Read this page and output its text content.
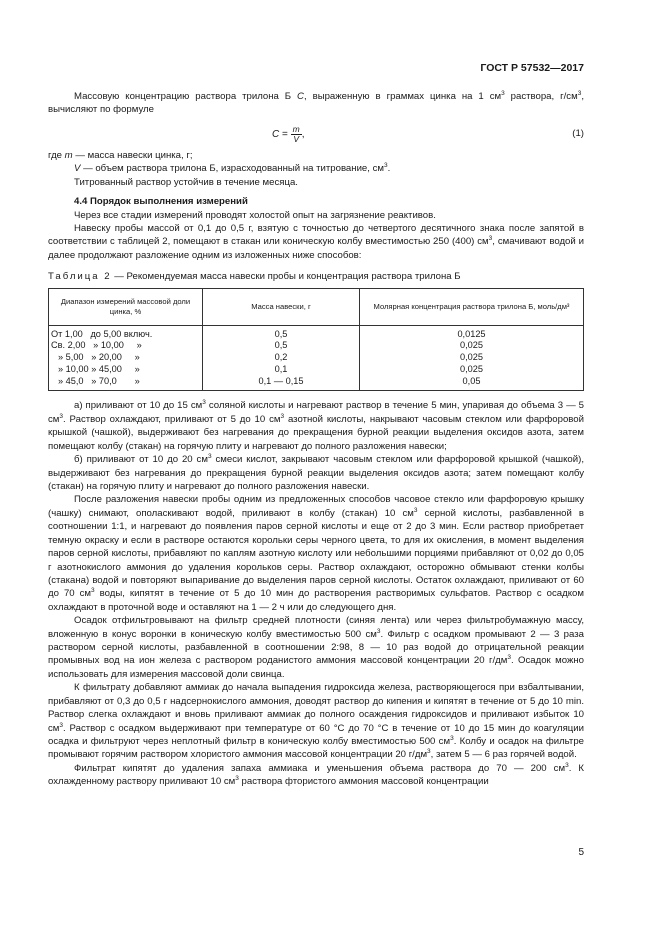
ГОСТ Р 57532—2017

Массовую концентрацию раствора трилона Б С, выраженную в граммах цинка на 1 $см^3$ раствора, $г/см^3$, вычисляют по формуле

$C = \frac{m}{V}$ ,	(1)

где m — масса навески цинка, г;

V — объем раствора трилона Б, израсходованный на титрование, $см^3$.

Титрованный раствор устойчив в течение месяца.

4.4 Порядок выполнения измерений

Через все стадии измерений проводят холостой опыт на загрязнение реактивов.

Навеску пробы массой от 0,1 до 0,5 г, взятую с точностью до четвертого десятичного знака после запятой в соответствии с таблицей 2, помещают в стакан или коническую колбу вместимостью 250 (400) $см^3$, смачивают водой и далее продолжают разложение одним из изложенных ниже способов:

Таблица 2 — Рекомендуемая масса навески пробы и концентрация раствора трилона Б

Диапазон измерений массовой доли цинка, %	Масса навески, г	Молярная концентрация раствора трилона Б, моль/дм³
От 1,00   до 5,00 включ.	0,5	0,0125
Св. 2,00   » 10,00     »	0,5	0,025
» 5,00   » 20,00     »	0,2	0,025
» 10,00 » 45,00     »	0,1	0,025
» 45,0   » 70,0       »	0,1 — 0,15	0,05

а) приливают от 10 до 15 $см^3$ соляной кислоты и нагревают раствор в течение 5 мин, упаривая до объема 3 — 5 $см^3$. Раствор охлаждают, приливают от 5 до 10 $см^3$ азотной кислоты, накрывают часовым стеклом или фарфоровой крышкой (чашкой), выдерживают без нагревания до прекращения бурной реакции выделения оксидов азота, затем помещают колбу (стакан) на горячую плиту и нагревают до полного разложения навески;

б) приливают от 10 до 20 $см^3$ смеси кислот, закрывают часовым стеклом или фарфоровой крышкой (чашкой), выдерживают без нагревания до прекращения бурной реакции выделения оксидов азота; затем помещают колбу (стакан) на горячую плиту и нагревают до полного разложения навески.

После разложения навески пробы одним из предложенных способов часовое стекло или фарфоровую крышку (чашку) снимают, ополаскивают водой, приливают в колбу (стакан) 10 $см^3$ серной кислоты, разбавленной в соотношении 1:1, и нагревают до появления паров серной кислоты и еще от 2 до 3 мин. Если раствор приобретает темную окраску и если в растворе остаются корольки серы черного цвета, то для их окисления, в момент выделения паров серной кислоты, прибавляют по каплям азотную кислоту или небольшими порциями прибавляют от 0,02 до 0,05 г азотнокислого аммония до удаления корольков серы. Раствор охлаждают, осторожно обмывают стенки колбы (стакана) водой и повторяют выпаривание до выделения паров серной кислоты. Остаток охлаждают, приливают от 60 до 70 $см^3$ воды, кипятят в течение от 5 до 10 мин до растворения растворимых сульфатов. Раствор с осадком охлаждают в проточной воде и оставляют на 1 — 2 ч или до следующего дня.

Осадок отфильтровывают на фильтр средней плотности (синяя лента) или через фильтробумажную массу, вложенную в конус воронки в коническую колбу вместимостью 500 $см^3$. Фильтр с осадком промывают 2 — 3 раза раствором серной кислоты, разбавленной в соотношении 2:98, 8 — 10 раз водой до отрицательной реакции промывных вод на ион железа с раствором роданистого аммония массовой концентрации 20 $г/дм^3$. Осадок можно использовать для измерения массовой доли свинца.

К фильтрату добавляют аммиак до начала выпадения гидроксида железа, растворяющегося при взбалтывании, прибавляют от 0,3 до 0,5 г надсернокислого аммония, доводят раствор до кипения и кипятят в течение от 5 до 10 min. Раствор слегка охлаждают и вновь приливают аммиак до полного осаждения гидроксидов и приливают избыток 10 $см^3$. Раствор с осадком выдерживают при температуре от 60 °С до 70 °С в течение от 10 до 15 мин до коагуляции осадка и фильтруют через неплотный фильтр в коническую колбу вместимостью 500 $см^3$. Колбу и осадок на фильтре промывают горячим раствором хлористого аммония массовой концентрации 20 $г/дм^3$, затем 5 — 6 раз горячей водой.

Фильтрат кипятят до удаления запаха аммиака и уменьшения объема раствора до 70 — 200 $см^3$. К охлажденному раствору приливают 10 $см^3$ раствора фтористого аммония массовой концентрации

5
